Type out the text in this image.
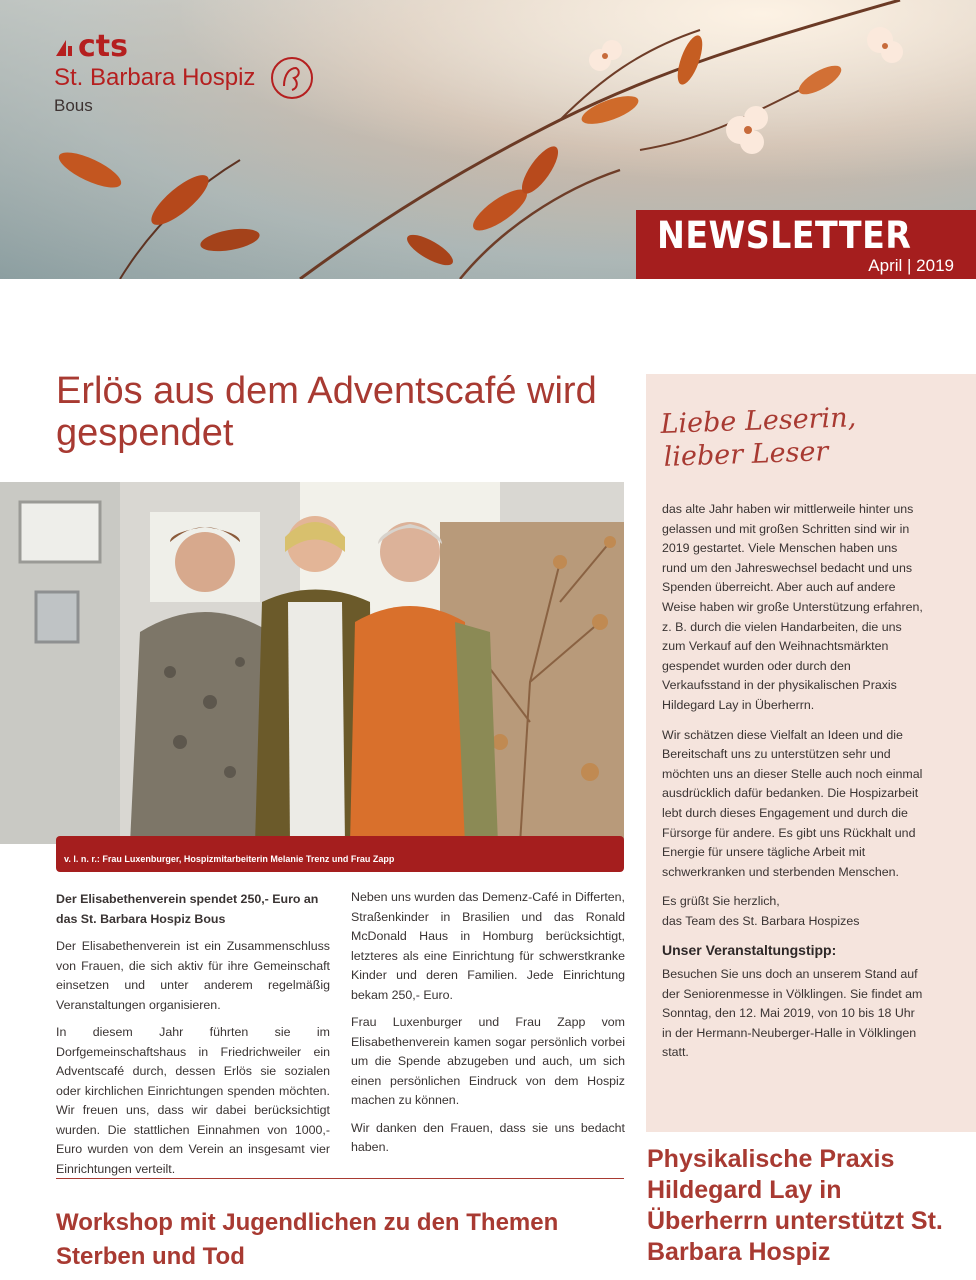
cts
St. Barbara Hospiz
Bous
NEWSLETTER
April | 2019
Erlös aus dem Adventscafé wird gespendet
v. l. n. r.: Frau Luxenburger, Hospizmitarbeiterin Melanie Trenz und Frau Zapp

Der Elisabethenverein spendet 250,- Euro an das St. Barbara Hospiz Bous

Der Elisabethenverein ist ein Zusammenschluss von Frauen, die sich aktiv für ihre Gemeinschaft einsetzen und unter anderem regelmäßig Veranstaltungen organisieren.

In diesem Jahr führten sie im Dorfgemeinschaftshaus in Friedrichweiler ein Adventscafé durch, dessen Erlös sie sozialen oder kirchlichen Einrichtungen spenden möchten. Wir freuen uns, dass wir dabei berücksichtigt wurden. Die stattlichen Einnahmen von 1000,- Euro wurden von dem Verein an insgesamt vier Einrichtungen verteilt.

Neben uns wurden das Demenz-Café in Differten, Straßenkinder in Brasilien und das Ronald McDonald Haus in Homburg berücksichtigt, letzteres als eine Einrichtung für schwerstkranke Kinder und deren Familien. Jede Einrichtung bekam 250,- Euro.

Frau Luxenburger und Frau Zapp vom Elisabethenverein kamen sogar persönlich vorbei um die Spende abzugeben und auch, um sich einen persönlichen Eindruck von dem Hospiz machen zu können.

Wir danken den Frauen, dass sie uns bedacht haben.

Workshop mit Jugendlichen zu den Themen Sterben und Tod
Liebe Leserin,
lieber Leser

das alte Jahr haben wir mittlerweile hinter uns gelassen und mit großen Schritten sind wir in 2019 gestartet. Viele Menschen haben uns rund um den Jahreswechsel bedacht und uns Spenden überreicht. Aber auch auf andere Weise haben wir große Unterstützung erfahren, z. B. durch die vielen Handarbeiten, die uns zum Verkauf auf den Weihnachtsmärkten gespendet wurden oder durch den Verkaufsstand in der physikalischen Praxis Hildegard Lay in Überherrn.

Wir schätzen diese Vielfalt an Ideen und die Bereitschaft uns zu unterstützen sehr und möchten uns an dieser Stelle auch noch einmal ausdrücklich dafür bedanken. Die Hospizarbeit lebt durch dieses Engagement und durch die Fürsorge für andere. Es gibt uns Rückhalt und Energie für unsere tägliche Arbeit mit schwerkranken und sterbenden Menschen.

Es grüßt Sie herzlich,
das Team des St. Barbara Hospizes

Unser Veranstaltungstipp:

Besuchen Sie uns doch an unserem Stand auf der Seniorenmesse in Völklingen. Sie findet am Sonntag, den 12. Mai 2019, von 10 bis 18 Uhr in der Hermann-Neuberger-Halle in Völklingen statt.

Physikalische Praxis Hildegard Lay in Überherrn unterstützt St. Barbara Hospiz
